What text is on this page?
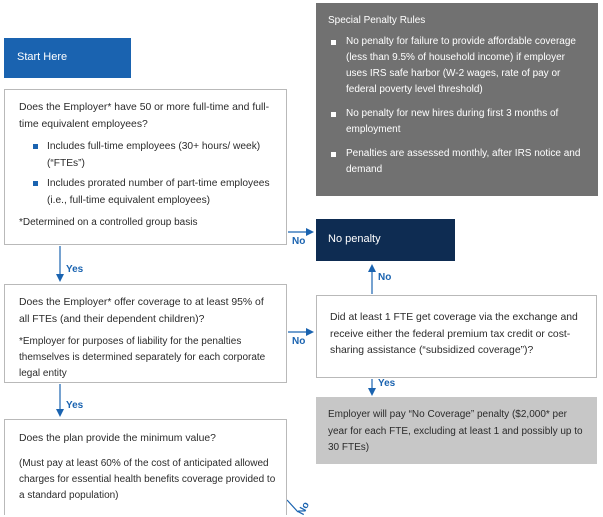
Start Here

Does the Employer* have 50 or more full-time and full-time equivalent employees?

Includes full-time employees (30+ hours/ week) (“FTEs”)
Includes prorated number of part-time employees (i.e., full-time equivalent employees)

*Determined on a controlled group basis

Does the Employer* offer coverage to at least 95% of all FTEs (and their dependent children)?

*Employer for purposes of liability for the penalties themselves is determined separately for each corporate legal entity

Does the plan provide the minimum value?

(Must pay at least 60% of the cost of anticipated allowed charges for essential health benefits coverage provided to a standard population)

Did at least 1 FTE get coverage via the exchange and receive either the federal premium tax credit or cost-sharing assistance (“subsidized coverage”)?

Special Penalty Rules
No penalty for failure to provide affordable coverage (less than 9.5% of household income) if employer uses IRS safe harbor (W-2 wages, rate of pay or federal poverty level threshold)
No penalty for new hires during first 3 months of employment
Penalties are assessed monthly, after IRS notice and demand
No penalty
Employer will pay “No Coverage” penalty ($2,000* per year for each FTE, excluding at least 1 and possibly up to 30 FTEs)
Yes
Yes
Yes
No
No
No
No
